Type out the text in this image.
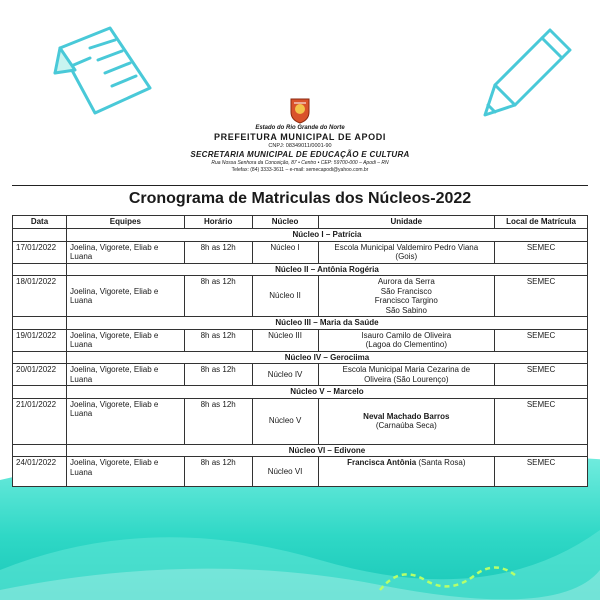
Estado do Rio Grande do Norte
PREFEITURA MUNICIPAL DE APODI
CNPJ: 08349011/0001-90
SECRETARIA MUNICIPAL DE EDUCAÇÃO E CULTURA
Rua Nossa Senhora da Conceição, 87 • Centro • CEP: 59700-000 – Apodi – RN
Telefax: (84) 3333-3611 – e-mail: semecapodi@yahoo.com.br
Cronograma de Matriculas dos Núcleos-2022
Data	Equipes	Horário	Núcleo	Unidade	Local de Matrícula
	Núcleo I – Patrícia				
17/01/2022	Joelina, Vigorete, Eliab e Luana	8h as 12h	Núcleo I	Escola Municipal Valdemiro Pedro Viana
(Gois)	SEMEC
	Núcleo II – Antônia Rogéria				
18/01/2022	Joelina, Vigorete, Eliab e Luana	8h as 12h	Núcleo II	Aurora da Serra
São Francisco
Francisco Targino
São Sabino	SEMEC
	Núcleo III – Maria da Saúde				
19/01/2022	Joelina, Vigorete, Eliab e Luana	8h as 12h	Núcleo III	Isauro Camilo de Oliveira
(Lagoa do Clementino)	SEMEC
	Núcleo IV – Gerociima				
20/01/2022	Joelina, Vigorete, Eliab e Luana	8h as 12h	Núcleo IV	Escola Municipal Maria Cezarina de
Oliveira (São Lourenço)	SEMEC
	Núcleo V – Marcelo				
21/01/2022	Joelina, Vigorete, Eliab e Luana	8h as 12h	Núcleo V	Neval Machado Barros
(Carnaúba Seca)	SEMEC
	Núcleo VI – Edivone				
24/01/2022	Joelina, Vigorete, Eliab e Luana	8h as 12h	Núcleo VI	Francisca Antônia (Santa Rosa)	SEMEC
